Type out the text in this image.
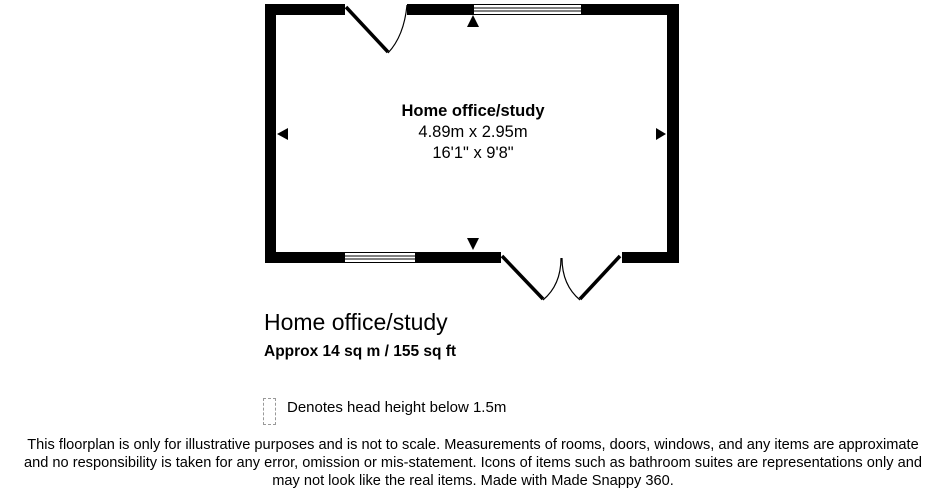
Home office/study
4.89m x 2.95m
16'1" x 9'8"
Home office/study
Approx 14 sq m / 155 sq ft
Denotes head height below 1.5m
This floorplan is only for illustrative purposes and is not to scale. Measurements of rooms, doors, windows, and any items are approximate
and no responsibility is taken for any error, omission or mis-statement. Icons of items such as bathroom suites are representations only and
may not look like the real items. Made with Made Snappy 360.
